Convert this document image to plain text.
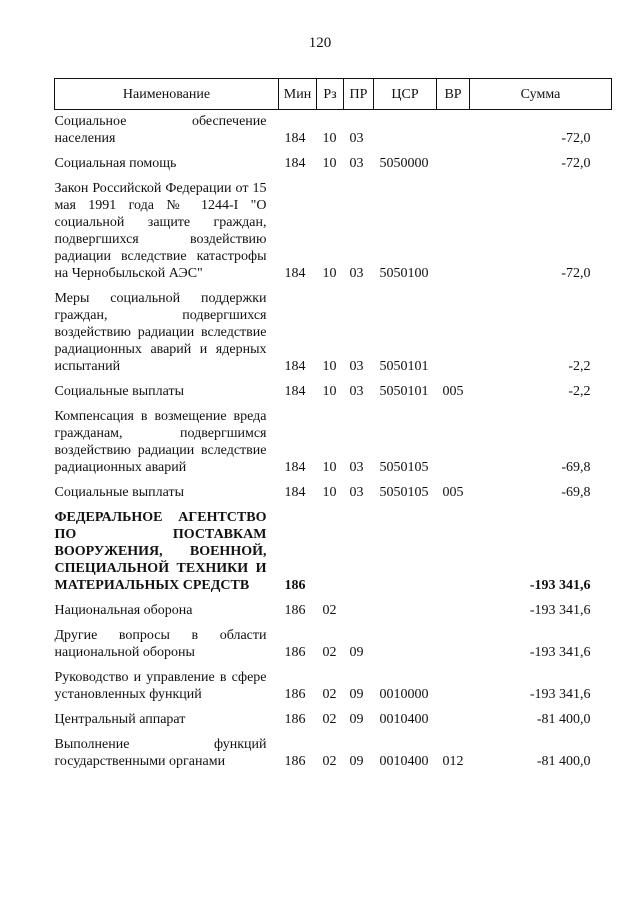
120
Наименование	Мин	Рз	ПР	ЦСР	ВР	Сумма
Социальное обеспечение населения	184	10	03			-72,0
Социальная помощь	184	10	03	5050000		-72,0
Закон Российской Федерации от 15 мая 1991 года № 1244-I "О социальной защите граждан, подвергшихся воздействию радиации вследствие катастрофы на Чернобыльской АЭС"	184	10	03	5050100		-72,0
Меры социальной поддержки граждан, подвергшихся воздействию радиации вследствие радиационных аварий и ядерных испытаний	184	10	03	5050101		-2,2
Социальные выплаты	184	10	03	5050101	005	-2,2
Компенсация в возмещение вреда гражданам, подвергшимся воздействию радиации вследствие радиационных аварий	184	10	03	5050105		-69,8
Социальные выплаты	184	10	03	5050105	005	-69,8
ФЕДЕРАЛЬНОЕ АГЕНТСТВО ПО ПОСТАВКАМ ВООРУЖЕНИЯ, ВОЕННОЙ, СПЕЦИАЛЬНОЙ ТЕХНИКИ И МАТЕРИАЛЬНЫХ СРЕДСТВ	186					-193 341,6
Национальная оборона	186	02				-193 341,6
Другие вопросы в области национальной обороны	186	02	09			-193 341,6
Руководство и управление в сфере установленных функций	186	02	09	0010000		-193 341,6
Центральный аппарат	186	02	09	0010400		-81 400,0
Выполнение функций государственными органами	186	02	09	0010400	012	-81 400,0
